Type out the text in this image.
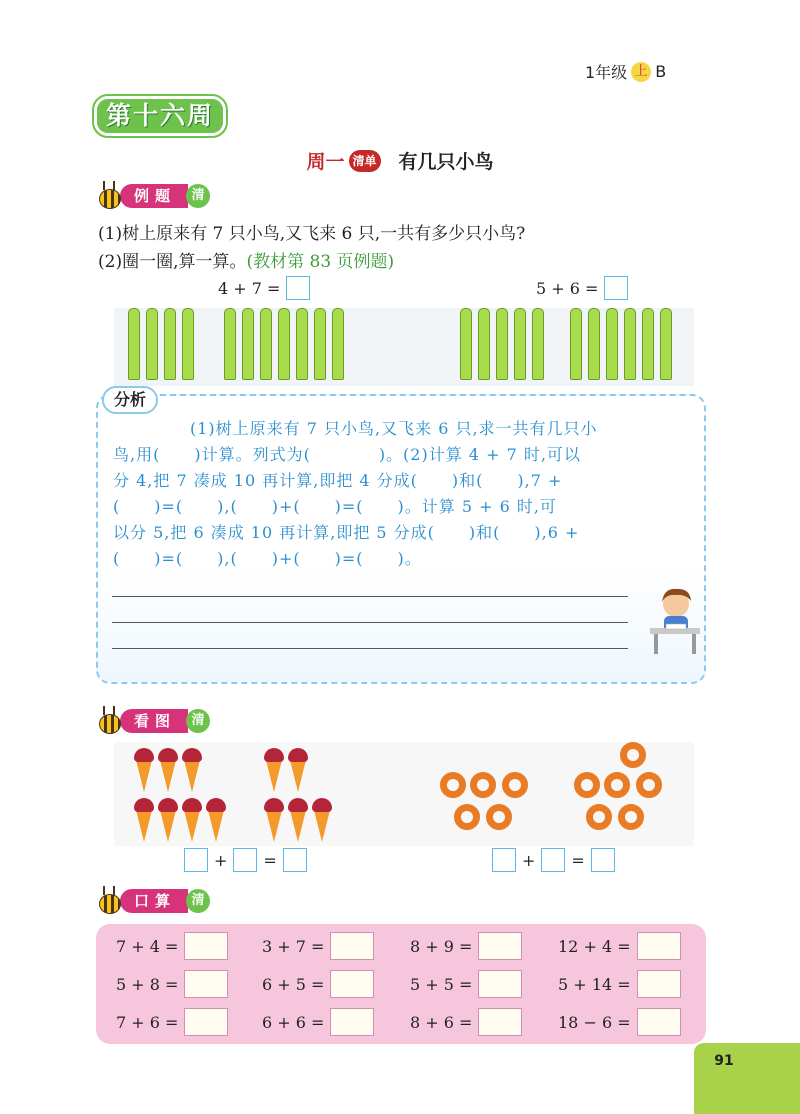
1年级 上 B
第十六周
周一 清单 有几只小鸟
例题	清
(1)树上原来有 7 只小鸟,又飞来 6 只,一共有多少只小鸟?
(2)圈一圈,算一算。(教材第 83 页例题)
4 + 7 =	5 + 6 =
分析
(1)树上原来有 7 只小鸟,又飞来 6 只,求一共有几只小
鸟,用(　　)计算。列式为(　　　　)。(2)计算 4 + 7 时,可以
分 4,把 7 凑成 10 再计算,即把 4 分成(　　)和(　　),7 +
(　　)=(　　),(　　)+(　　)=(　　)。计算 5 + 6 时,可
以分 5,把 6 凑成 10 再计算,即把 5 分成(　　)和(　　),6 +
(　　)=(　　),(　　)+(　　)=(　　)。
看图	清
+ =	+ =
口算	清
7 + 4 =	3 + 7 =	8 + 9 =	12 + 4 =
5 + 8 =	6 + 5 =	5 + 5 =	5 + 14 =
7 + 6 =	6 + 6 =	8 + 6 =	18 − 6 =
91
